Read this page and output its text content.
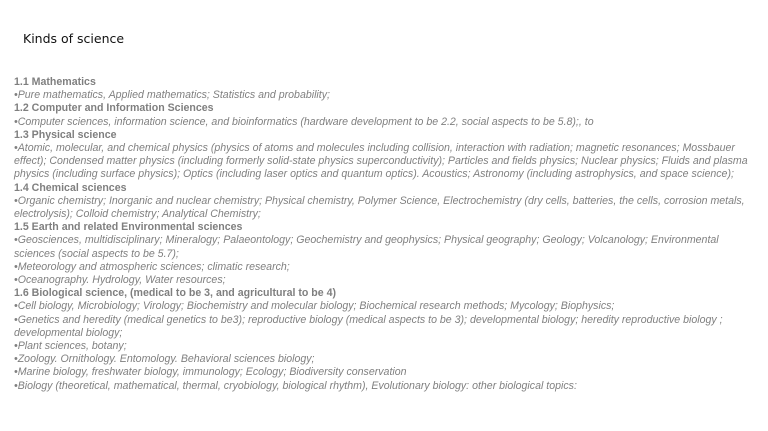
Kinds of science
1.1 Mathematics
•Pure mathematics, Applied mathematics; Statistics and probability;
1.2 Computer and Information Sciences
•Computer sciences, information science, and bioinformatics (hardware development to be 2.2, social aspects to be 5.8);, to
1.3 Physical science
•Atomic, molecular, and chemical physics (physics of atoms and molecules including collision, interaction with radiation; magnetic resonances; Mossbauer effect); Condensed matter physics (including formerly solid-state physics superconductivity); Particles and fields physics; Nuclear physics; Fluids and plasma physics (including surface physics); Optics (including laser optics and quantum optics). Acoustics; Astronomy (including astrophysics, and space science);
1.4 Chemical sciences
•Organic chemistry; Inorganic and nuclear chemistry; Physical chemistry, Polymer Science, Electrochemistry (dry cells, batteries, the cells, corrosion metals, electrolysis); Colloid chemistry; Analytical Chemistry;
1.5 Earth and related Environmental sciences
•Geosciences, multidisciplinary; Mineralogy; Palaeontology; Geochemistry and geophysics; Physical geography; Geology; Volcanology; Environmental sciences (social aspects to be 5.7);
•Meteorology and atmospheric sciences; climatic research;
•Oceanography. Hydrology, Water resources;
1.6 Biological science, (medical to be 3, and agricultural to be 4)
•Cell biology, Microbiology; Virology; Biochemistry and molecular biology; Biochemical research methods; Mycology; Biophysics;
•Genetics and heredity (medical genetics to be3); reproductive biology (medical aspects to be 3); developmental biology; heredity reproductive biology ; developmental biology;
•Plant sciences, botany;
•Zoology. Ornithology. Entomology. Behavioral sciences biology;
•Marine biology, freshwater biology, immunology; Ecology; Biodiversity conservation
•Biology (theoretical, mathematical, thermal, cryobiology, biological rhythm), Evolutionary biology: other biological topics:
